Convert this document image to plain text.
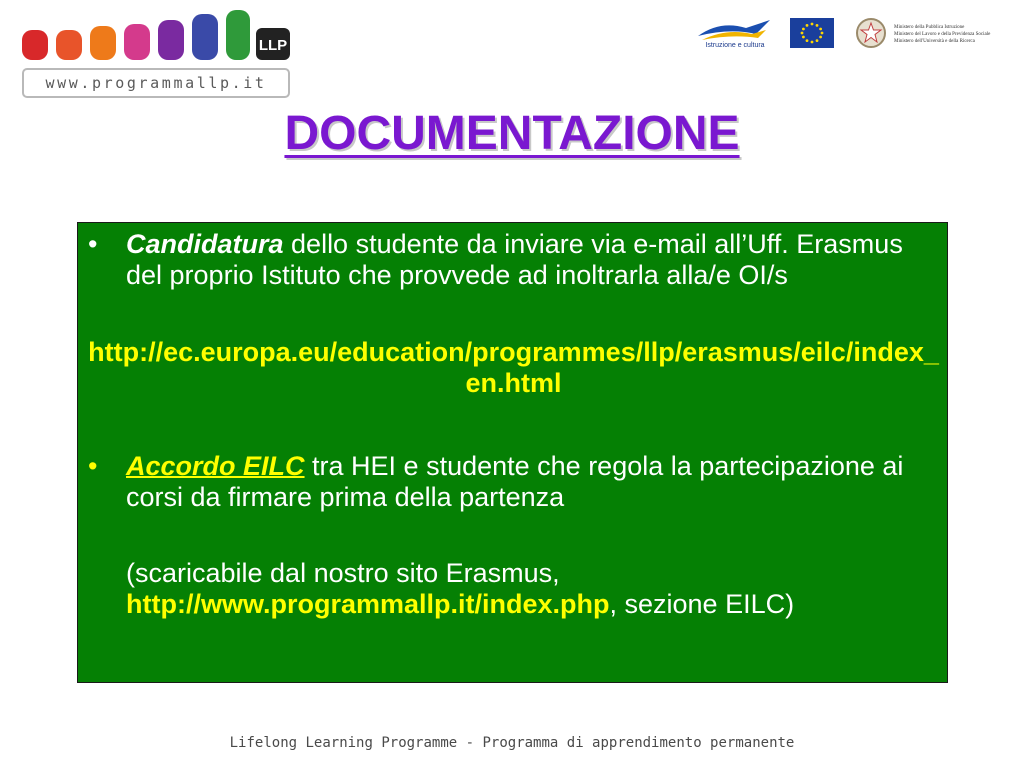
LLP
www.programmallp.it
Istruzione e cultura
Ministero della Pubblica Istruzione
Ministero del Lavoro e della Previdenza Sociale
Ministero dell'Università e della Ricerca
DOCUMENTAZIONE
• Candidatura dello studente da inviare via e-mail all’Uff. Erasmus del proprio Istituto che provvede ad inoltrarla alla/e OI/s
http://ec.europa.eu/education/programmes/llp/erasmus/eilc/index_en.html
• Accordo EILC tra HEI e studente che regola la partecipazione ai corsi da firmare prima della partenza
(scaricabile dal nostro sito Erasmus, http://www.programmallp.it/index.php, sezione EILC)
Lifelong Learning Programme - Programma di apprendimento permanente
